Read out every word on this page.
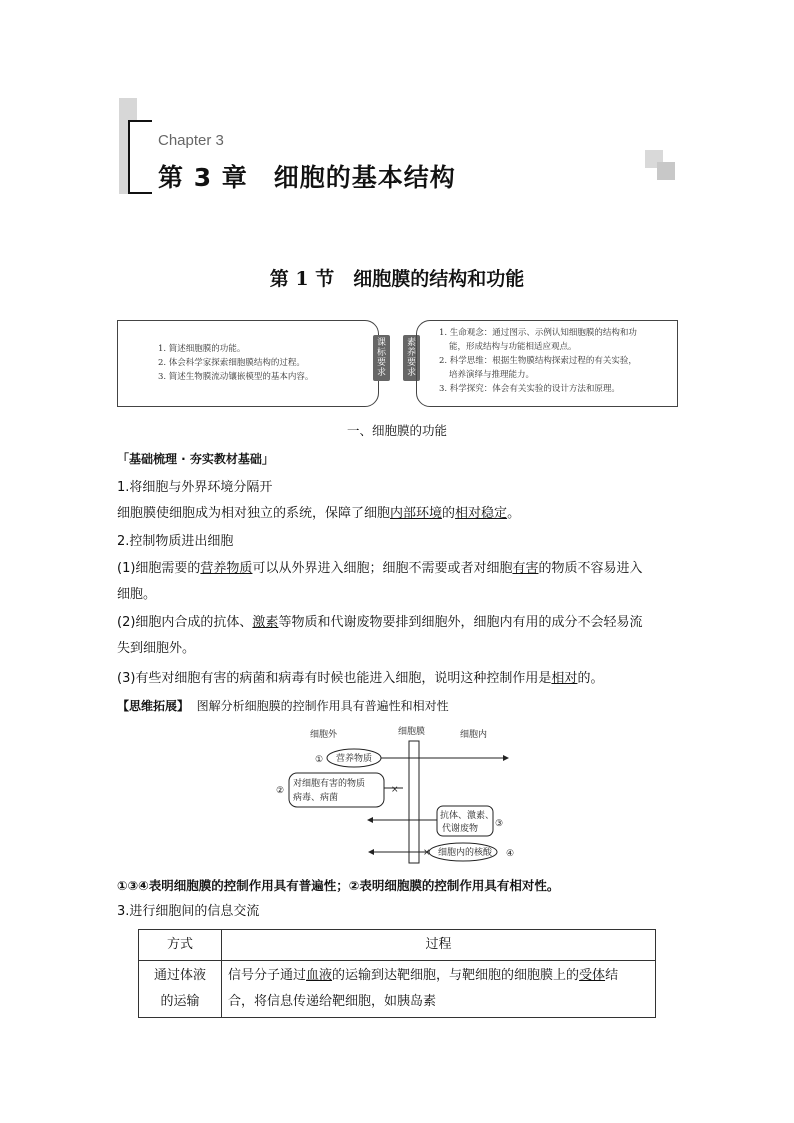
Chapter 3
第 3 章　细胞的基本结构
第 1 节　细胞膜的结构和功能
1. 简述细胞膜的功能。
2. 体会科学家探索细胞膜结构的过程。
3. 简述生物膜流动镶嵌模型的基本内容。
课标要求
素养要求
1. 生命观念：通过图示、示例认知细胞膜的结构和功
能，形成结构与功能相适应观点。
2. 科学思维：根据生物膜结构探索过程的有关实验，
培养演绎与推理能力。
3. 科学探究：体会有关实验的设计方法和原理。
一、细胞膜的功能
「基础梳理 · 夯实教材基础」
1.将细胞与外界环境分隔开
细胞膜使细胞成为相对独立的系统，保障了细胞内部环境的相对稳定。
2.控制物质进出细胞
(1)细胞需要的营养物质可以从外界进入细胞；细胞不需要或者对细胞有害的物质不容易进入
细胞。
(2)细胞内合成的抗体、激素等物质和代谢废物要排到细胞外，细胞内有用的成分不会轻易流
失到细胞外。
(3)有些对细胞有害的病菌和病毒有时候也能进入细胞，说明这种控制作用是相对的。
【思维拓展】 图解分析细胞膜的控制作用具有普遍性和相对性
细胞外	细胞膜	细胞内
① 营养物质
②
对细胞有害的物质
病毒、病菌
×
抗体、激素、
代谢废物 ③
细胞内的核酸 ④
×
①③④表明细胞膜的控制作用具有普遍性；②表明细胞膜的控制作用具有相对性。
3.进行细胞间的信息交流
方式	过程
通过体液
的运输	信号分子通过血液的运输到达靶细胞，与靶细胞的细胞膜上的受体结
合，将信息传递给靶细胞，如胰岛素
